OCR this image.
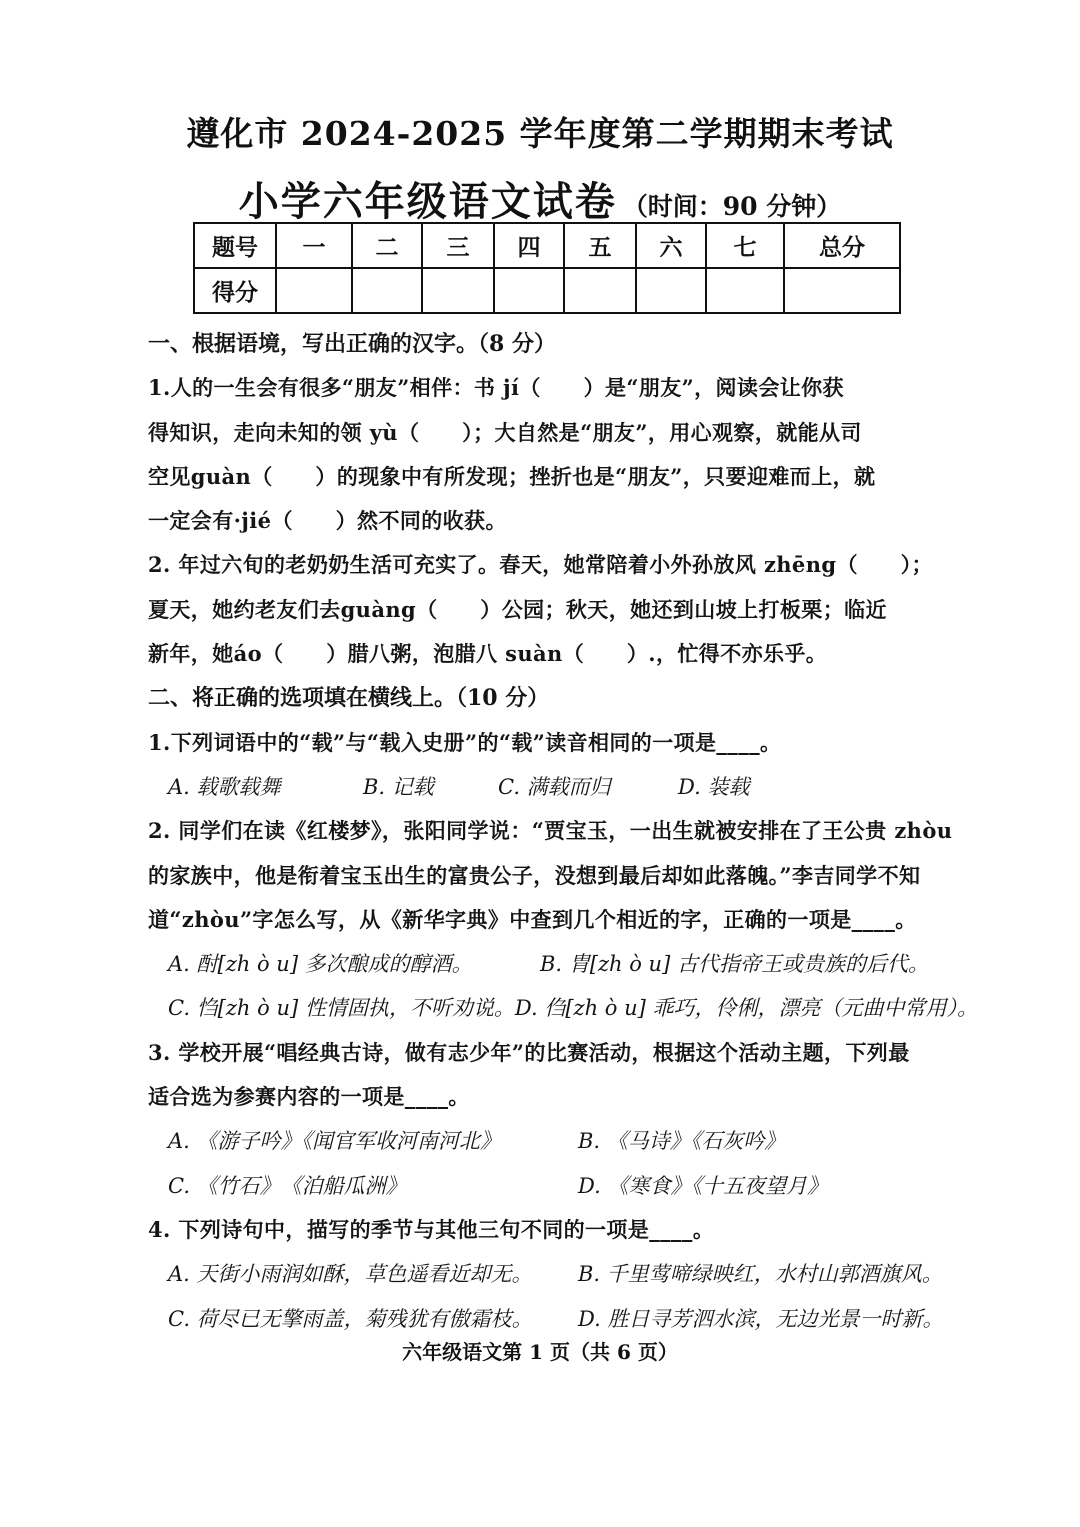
遵化市 2024-2025 学年度第二学期期末考试
小学六年级语文试卷 （时间：90 分钟）
题号	一	二	三	四	五	六	七	总分
得分								
一、根据语境，写出正确的汉字。（8 分）
1.人的一生会有很多“朋友”相伴：书 jí（　　）是“朋友”，阅读会让你获
得知识，走向未知的领 yù（　　）；大自然是“朋友”，用心观察，就能从司
空见guàn（　　）的现象中有所发现；挫折也是“朋友”，只要迎难而上，就
一定会有·jié（　　）然不同的收获。
2. 年过六旬的老奶奶生活可充实了。春天，她常陪着小外孙放风 zhēng（　　）；
夏天，她约老友们去guàng（　　）公园；秋天，她还到山坡上打板栗；临近
新年，她áo（　　）腊八粥，泡腊八 suàn（　　）.，忙得不亦乐乎。
二、将正确的选项填在横线上。（10 分）
1.下列词语中的“载”与“载入史册”的“载”读音相同的一项是____。
A. 载歌载舞	B. 记载	C. 满载而归	D. 装载
2. 同学们在读《红楼梦》，张阳同学说：“贾宝玉，一出生就被安排在了王公贵 zhòu
的家族中，他是衔着宝玉出生的富贵公子，没想到最后却如此落魄。”李吉同学不知
道“zhòu”字怎么写，从《新华字典》中查到几个相近的字，正确的一项是____。
A. 酎[zh ò u] 多次酿成的醇酒。	B. 胄[zh ò u] 古代指帝王或贵族的后代。
C. 㤘[zh ò u] 性情固执，不听劝说。 D. 㑇[zh ò u] 乖巧，伶俐，漂亮（元曲中常用）。
3. 学校开展“唱经典古诗，做有志少年”的比赛活动，根据这个活动主题，下列最
适合选为参赛内容的一项是____。
A. 《游子吟》《闻官军收河南河北》	B. 《马诗》《石灰吟》
C. 《竹石》　《泊船瓜洲》	D. 《寒食》《十五夜望月》
4. 下列诗句中，描写的季节与其他三句不同的一项是____。
A. 天街小雨润如酥，草色遥看近却无。	B. 千里莺啼绿映红，水村山郭酒旗风。
C. 荷尽已无擎雨盖，菊残犹有傲霜枝。	D. 胜日寻芳泗水滨，无边光景一时新。
六年级语文第 1 页（共 6 页）
